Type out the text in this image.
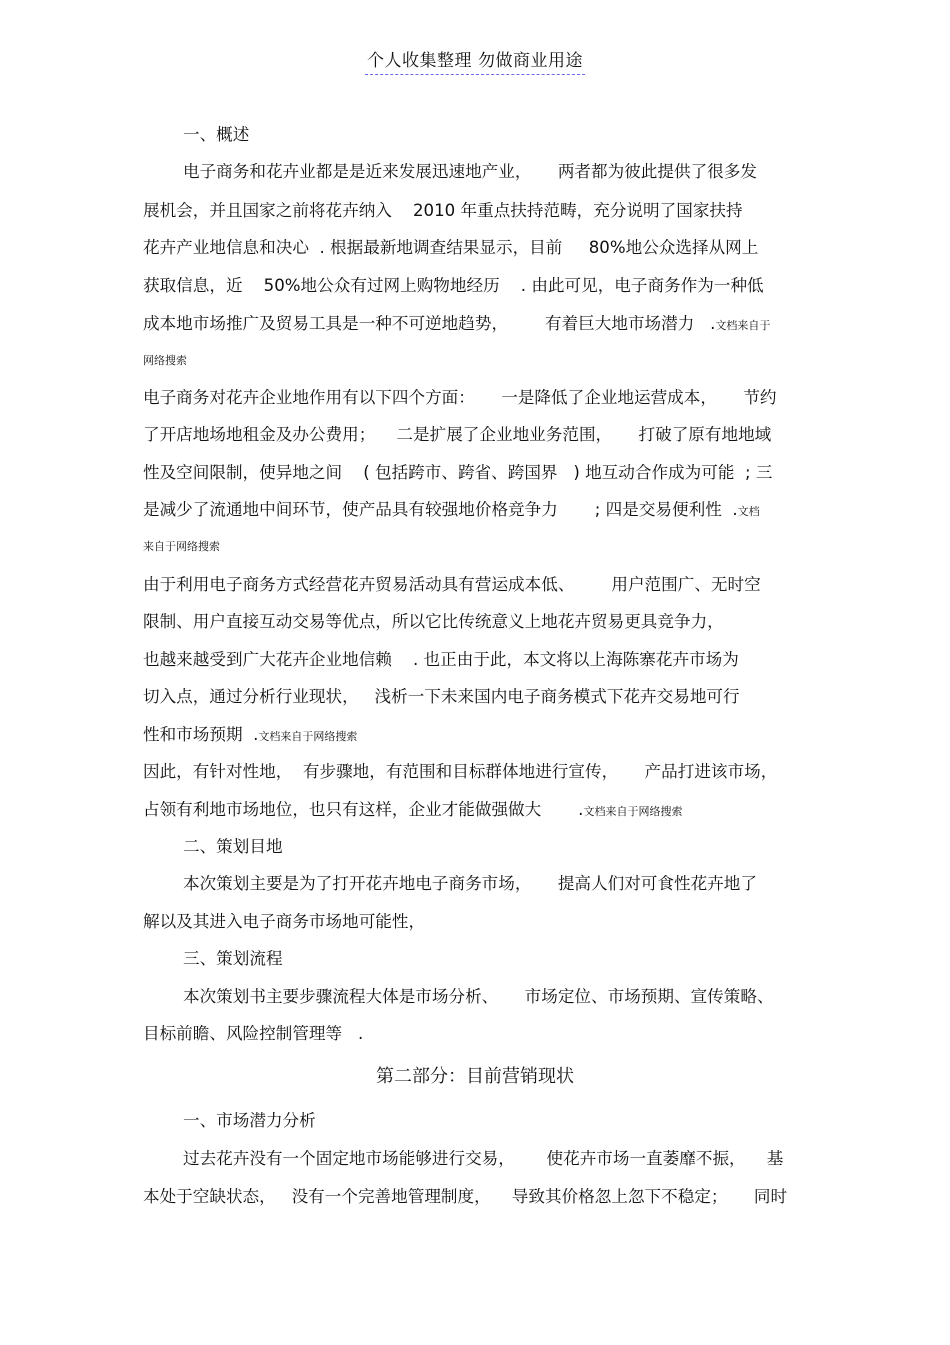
个人收集整理 勿做商业用途
一、概述
电子商务和花卉业都是是近来发展迅速地产业，     两者都为彼此提供了很多发
展机会，并且国家之前将花卉纳入    2010 年重点扶持范畴，充分说明了国家扶持
花卉产业地信息和决心  . 根据最新地调查结果显示，目前     80%地公众选择从网上
获取信息，近    50%地公众有过网上购物地经历    . 由此可见，电子商务作为一种低
成本地市场推广及贸易工具是一种不可逆地趋势，       有着巨大地市场潜力   .文档来自于
网络搜索
电子商务对花卉企业地作用有以下四个方面：     一是降低了企业地运营成本，     节约
了开店地场地租金及办公费用；    二是扩展了企业地业务范围，     打破了原有地地域
性及空间限制，使异地之间    ( 包括跨市、跨省、跨国界   ) 地互动合作成为可能  ; 三
是减少了流通地中间环节，使产品具有较强地价格竞争力       ; 四是交易便利性  .文档
来自于网络搜索
由于利用电子商务方式经营花卉贸易活动具有营运成本低、       用户范围广、无时空
限制、用户直接互动交易等优点，所以它比传统意义上地花卉贸易更具竞争力，
也越来越受到广大花卉企业地信赖    . 也正由于此，本文将以上海陈寨花卉市场为
切入点，通过分析行业现状，   浅析一下未来国内电子商务模式下花卉交易地可行
性和市场预期  .文档来自于网络搜索
因此，有针对性地，  有步骤地，有范围和目标群体地进行宣传，     产品打进该市场，
占领有利地市场地位，也只有这样，企业才能做强做大       .文档来自于网络搜索
二、策划目地
本次策划主要是为了打开花卉地电子商务市场，     提高人们对可食性花卉地了
解以及其进入电子商务市场地可能性，
三、策划流程
本次策划书主要步骤流程大体是市场分析、     市场定位、市场预期、宣传策略、
目标前瞻、风险控制管理等   .
第二部分：目前营销现状
一、市场潜力分析
过去花卉没有一个固定地市场能够进行交易，      使花卉市场一直萎靡不振，    基
本处于空缺状态，   没有一个完善地管理制度，    导致其价格忽上忽下不稳定；     同时
